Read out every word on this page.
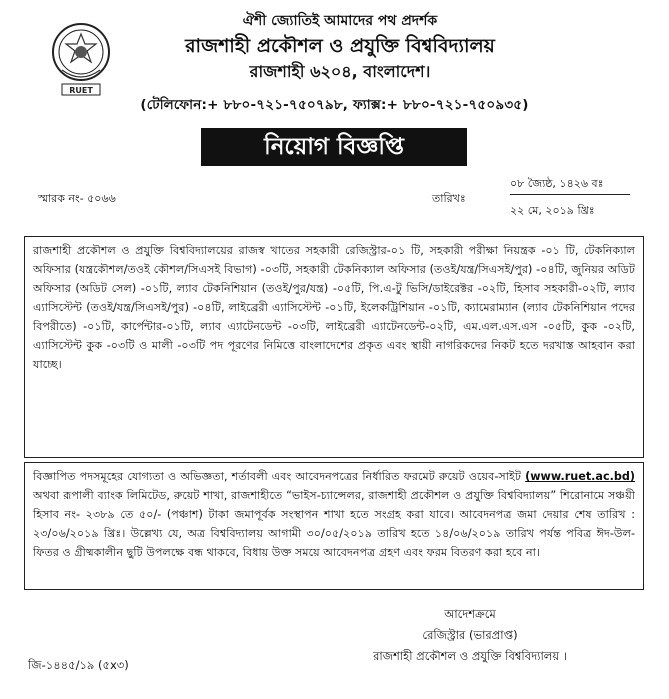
RUET
ঐশী জ্যোতিই আমাদের পথ প্রদর্শক
রাজশাহী প্রকৌশল ও প্রযুক্তি বিশ্ববিদ্যালয়
রাজশাহী ৬২০৪, বাংলাদেশ।
(টেলিফোন:+ ৮৮০-৭২১-৭৫০৭৯৮, ফ্যাক্স:+ ৮৮০-৭২১-৭৫০৯৩৫)
নিয়োগ বিজ্ঞপ্তি
স্মারক নং- ৫০৬৬
০৮ জ্যৈষ্ঠ, ১৪২৬ বঃ
তারিখঃ
২২ মে, ২০১৯ খ্রিঃ

রাজশাহী প্রকৌশল ও প্রযুক্তি বিশ্ববিদ্যালয়ের রাজস্ব খাতের সহকারী রেজিস্ট্রার-০১ টি, সহকারী পরীক্ষা নিয়ন্ত্রক -০১ টি, টেকনিক্যাল অফিসার (যন্ত্রকৌশল/তওই কৌশল/সিএসই বিভাগ) -০৩টি, সহকারী টেকনিক্যাল অফিসার (তওই/যন্ত্র/সিএসই/পুর) -০৪টি, জুনিয়র অডিট অফিসার (অডিট সেল) -০১টি, ল্যাব টেকনিশিয়ান (তওই/পুর/যন্ত্র) -০৫টি, পি.এ-টু ভিসি/ডাইরেক্টর -০২টি, হিসাব সহকারী-০২টি, ল্যাব এ্যাসিস্টেন্ট (তওই/যন্ত্র/সিএসই/পুর) -০৪টি, লাইব্রেরী এ্যাসিস্টেন্ট -০১টি, ইলেকট্রিশিয়ান -০১টি, ক্যামেরাম্যান (ল্যাব টেকনিশিয়ান পদের বিপরীতে) -০১টি, কার্পেন্টার-০১টি, ল্যাব এ্যাটেনডেন্ট -০৩টি, লাইব্রেরী এ্যাটেনডেন্ট-০২টি, এম.এল.এস.এস -০৫টি, কুক -০২টি, এ্যাসিস্টেন্ট কুক -০৩টি ও মালী -০৩টি পদ পূরণের নিমিত্তে বাংলাদেশের প্রকৃত এবং স্থায়ী নাগরিকদের নিকট হতে দরখাস্ত আহবান করা যাচ্ছে।

বিজ্ঞাপিত পদসমূহের যোগ্যতা ও অভিজ্ঞতা, শর্তাবলী এবং আবেদনপত্রের নির্ধারিত ফরমেট রুয়েট ওয়েব-সাইট (www.ruet.ac.bd) অথবা রূপালী ব্যাংক লিমিটেড, রুয়েট শাখা, রাজশাহীতে “ভাইস-চ্যান্সেলর, রাজশাহী প্রকৌশল ও প্রযুক্তি বিশ্ববিদ্যালয়” শিরোনামে সঞ্চয়ী হিসাব নং- ২৩৮৯ তে ৫০/- (পঞ্চাশ) টাকা জমাপূর্বক সংস্থাপন শাখা হতে সংগ্রহ করা যাবে। আবেদনপত্র জমা দেয়ার শেষ তারিখ : ২৩/০৬/২০১৯ খ্রিঃ। উল্লেখ্য যে, অত্র বিশ্ববিদ্যালয় আগামী ৩০/০৫/২০১৯ তারিখ হতে ১৪/০৬/২০১৯ তারিখ পর্যন্ত পবিত্র ঈদ-উল-ফিতর ও গ্রীষ্মকালীন ছুটি উপলক্ষে বন্ধ থাকবে, বিধায় উক্ত সময়ে আবেদনপত্র গ্রহণ এবং ফরম বিতরণ করা হবে না।

আদেশক্রমে
রেজিস্ট্রার (ভারপ্রাপ্ত)
রাজশাহী প্রকৌশল ও প্রযুক্তি বিশ্ববিদ্যালয় ।
জি-১৪৪৫/১৯ (৫x৩)
